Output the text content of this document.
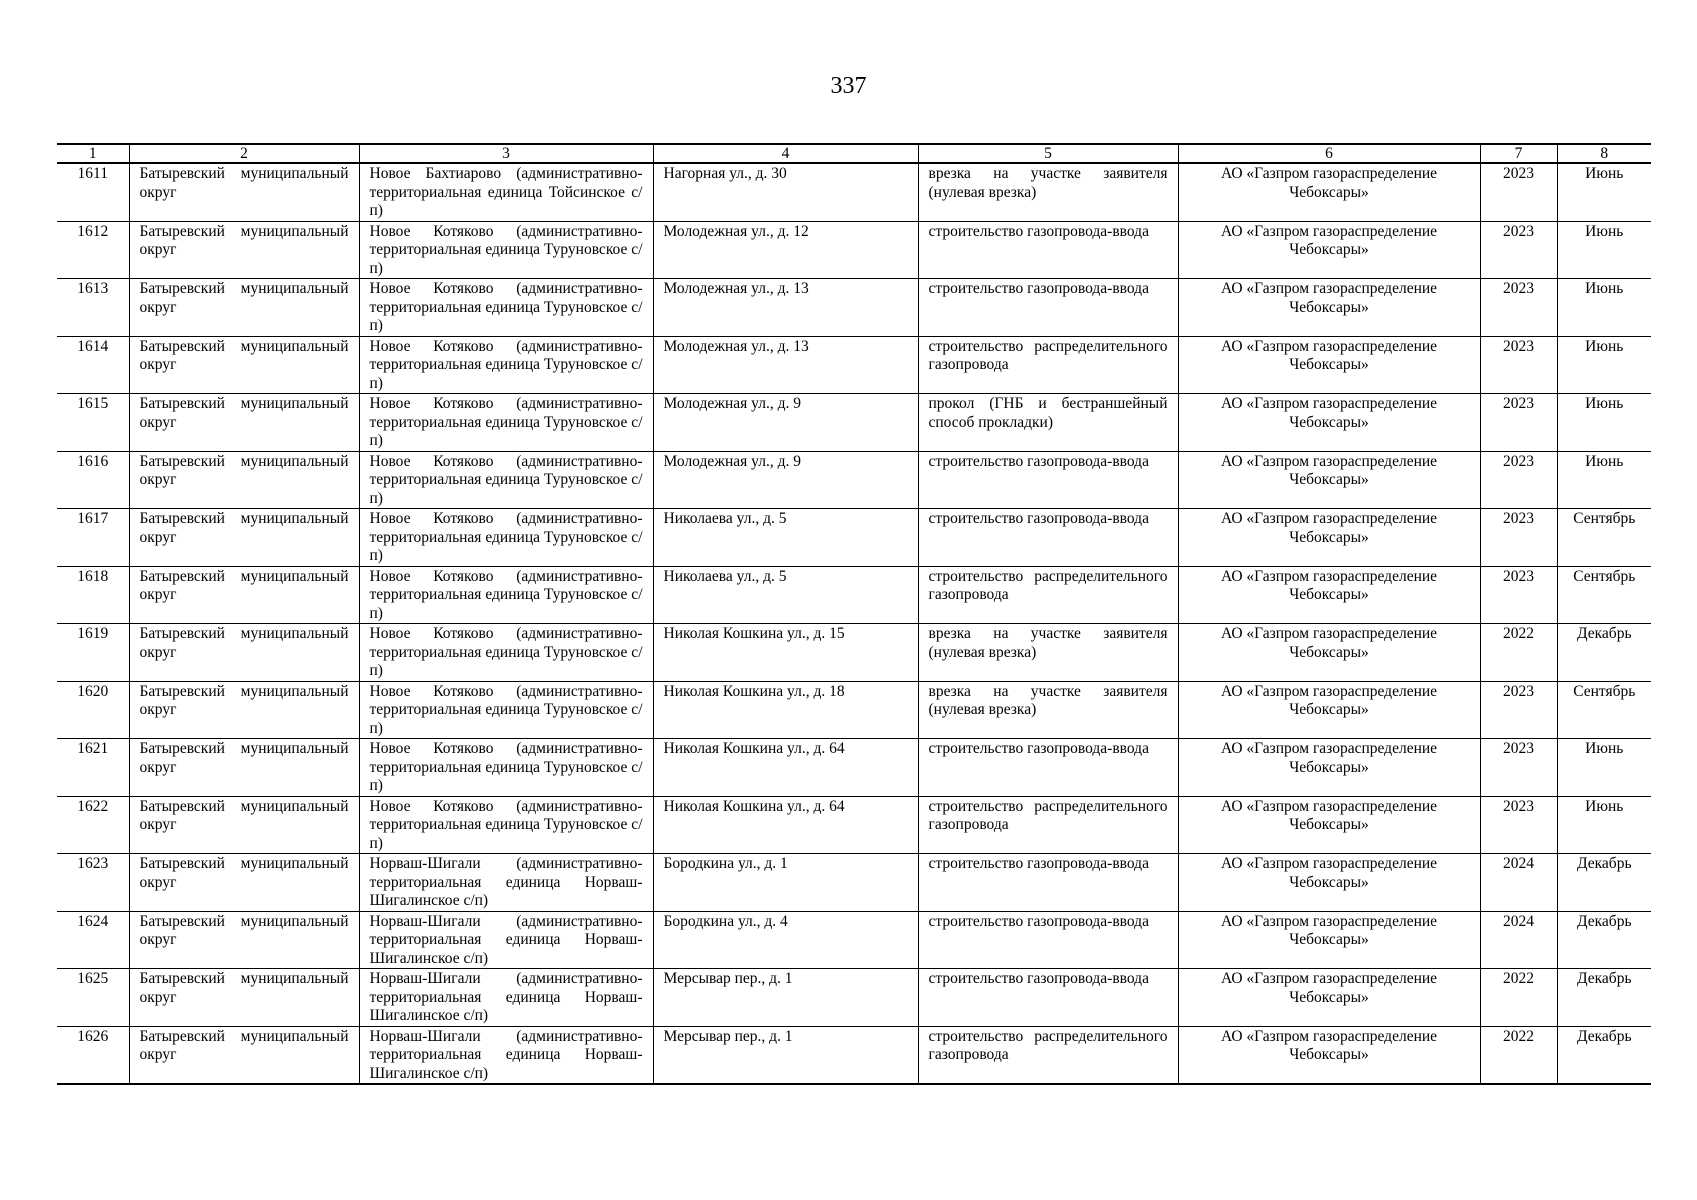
337
1	2	3	4	5	6	7	8
1611	Батыревский муниципальный округ	Новое Бахтиарово (административно-территориальная единица Тойсинское с/п)	Нагорная ул., д. 30	врезка на участке заявителя (нулевая врезка)	АО «Газпром газораспределение Чебоксары»	2023	Июнь
1612	Батыревский муниципальный округ	Новое Котяково (административно-территориальная единица Туруновское с/п)	Молодежная ул., д. 12	строительство газопровода-ввода	АО «Газпром газораспределение Чебоксары»	2023	Июнь
1613	Батыревский муниципальный округ	Новое Котяково (административно-территориальная единица Туруновское с/п)	Молодежная ул., д. 13	строительство газопровода-ввода	АО «Газпром газораспределение Чебоксары»	2023	Июнь
1614	Батыревский муниципальный округ	Новое Котяково (административно-территориальная единица Туруновское с/п)	Молодежная ул., д. 13	строительство распределительного газопровода	АО «Газпром газораспределение Чебоксары»	2023	Июнь
1615	Батыревский муниципальный округ	Новое Котяково (административно-территориальная единица Туруновское с/п)	Молодежная ул., д. 9	прокол (ГНБ и бестраншейный способ прокладки)	АО «Газпром газораспределение Чебоксары»	2023	Июнь
1616	Батыревский муниципальный округ	Новое Котяково (административно-территориальная единица Туруновское с/п)	Молодежная ул., д. 9	строительство газопровода-ввода	АО «Газпром газораспределение Чебоксары»	2023	Июнь
1617	Батыревский муниципальный округ	Новое Котяково (административно-территориальная единица Туруновское с/п)	Николаева ул., д. 5	строительство газопровода-ввода	АО «Газпром газораспределение Чебоксары»	2023	Сентябрь
1618	Батыревский муниципальный округ	Новое Котяково (административно-территориальная единица Туруновское с/п)	Николаева ул., д. 5	строительство распределительного газопровода	АО «Газпром газораспределение Чебоксары»	2023	Сентябрь
1619	Батыревский муниципальный округ	Новое Котяково (административно-территориальная единица Туруновское с/п)	Николая Кошкина ул., д. 15	врезка на участке заявителя (нулевая врезка)	АО «Газпром газораспределение Чебоксары»	2022	Декабрь
1620	Батыревский муниципальный округ	Новое Котяково (административно-территориальная единица Туруновское с/п)	Николая Кошкина ул., д. 18	врезка на участке заявителя (нулевая врезка)	АО «Газпром газораспределение Чебоксары»	2023	Сентябрь
1621	Батыревский муниципальный округ	Новое Котяково (административно-территориальная единица Туруновское с/п)	Николая Кошкина ул., д. 64	строительство газопровода-ввода	АО «Газпром газораспределение Чебоксары»	2023	Июнь
1622	Батыревский муниципальный округ	Новое Котяково (административно-территориальная единица Туруновское с/п)	Николая Кошкина ул., д. 64	строительство распределительного газопровода	АО «Газпром газораспределение Чебоксары»	2023	Июнь
1623	Батыревский муниципальный округ	Норваш-Шигали (административно-территориальная единица Норваш-Шигалинское с/п)	Бородкина ул., д. 1	строительство газопровода-ввода	АО «Газпром газораспределение Чебоксары»	2024	Декабрь
1624	Батыревский муниципальный округ	Норваш-Шигали (административно-территориальная единица Норваш-Шигалинское с/п)	Бородкина ул., д. 4	строительство газопровода-ввода	АО «Газпром газораспределение Чебоксары»	2024	Декабрь
1625	Батыревский муниципальный округ	Норваш-Шигали (административно-территориальная единица Норваш-Шигалинское с/п)	Мерсывар пер., д. 1	строительство газопровода-ввода	АО «Газпром газораспределение Чебоксары»	2022	Декабрь
1626	Батыревский муниципальный округ	Норваш-Шигали (административно-территориальная единица Норваш-Шигалинское с/п)	Мерсывар пер., д. 1	строительство распределительного газопровода	АО «Газпром газораспределение Чебоксары»	2022	Декабрь
